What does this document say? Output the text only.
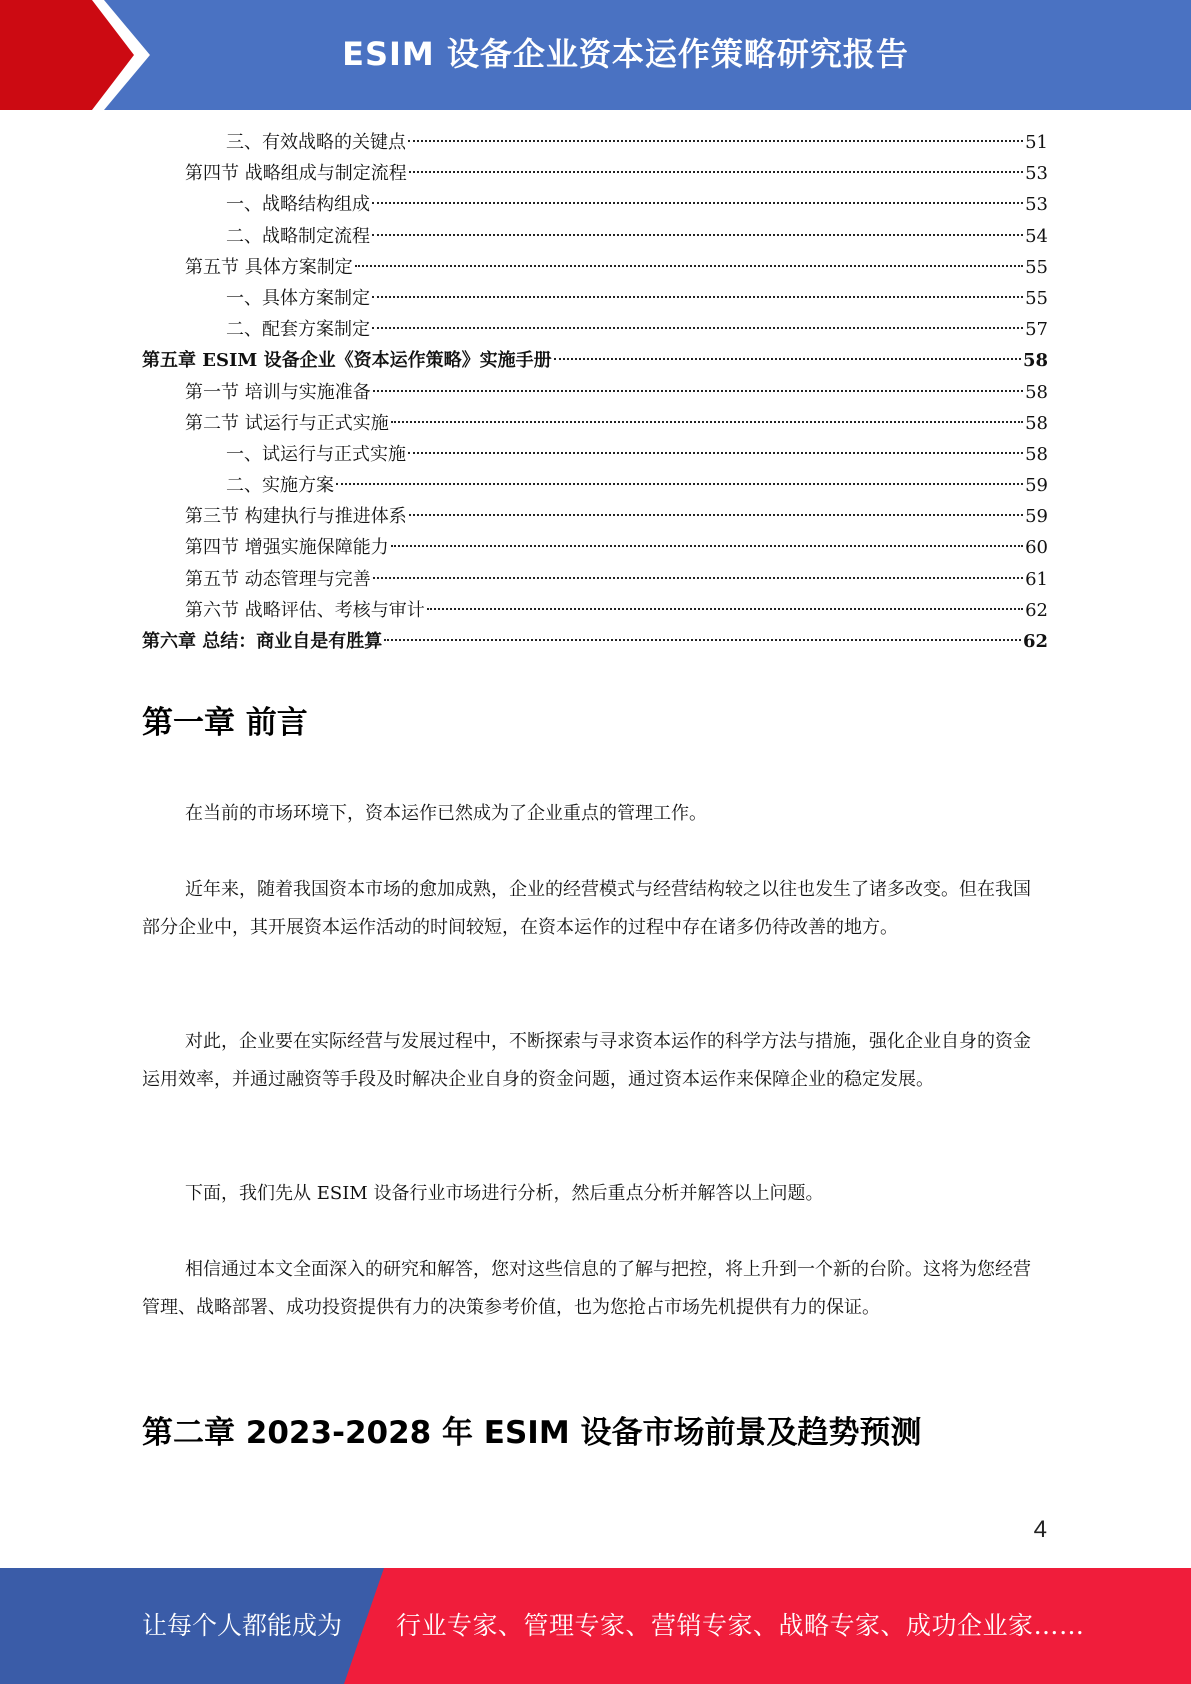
ESIM 设备企业资本运作策略研究报告
三、有效战略的关键点	51
第四节 战略组成与制定流程	53
一、战略结构组成	53
二、战略制定流程	54
第五节 具体方案制定	55
一、具体方案制定	55
二、配套方案制定	57
第五章 ESIM 设备企业《资本运作策略》实施手册	58
第一节 培训与实施准备	58
第二节 试运行与正式实施	58
一、试运行与正式实施	58
二、实施方案	59
第三节 构建执行与推进体系	59
第四节 增强实施保障能力	60
第五节 动态管理与完善	61
第六节 战略评估、考核与审计	62
第六章 总结：商业自是有胜算	62
第一章 前言

在当前的市场环境下，资本运作已然成为了企业重点的管理工作。

近年来，随着我国资本市场的愈加成熟，企业的经营模式与经营结构较之以往也发生了诸多改变。但在我国部分企业中，其开展资本运作活动的时间较短，在资本运作的过程中存在诸多仍待改善的地方。

对此，企业要在实际经营与发展过程中，不断探索与寻求资本运作的科学方法与措施，强化企业自身的资金运用效率，并通过融资等手段及时解决企业自身的资金问题，通过资本运作来保障企业的稳定发展。

下面，我们先从 ESIM 设备行业市场进行分析，然后重点分析并解答以上问题。

相信通过本文全面深入的研究和解答，您对这些信息的了解与把控，将上升到一个新的台阶。这将为您经营管理、战略部署、成功投资提供有力的决策参考价值，也为您抢占市场先机提供有力的保证。

第二章 2023-2028 年 ESIM 设备市场前景及趋势预测
4
让每个人都能成为 行业专家、管理专家、营销专家、战略专家、成功企业家……
